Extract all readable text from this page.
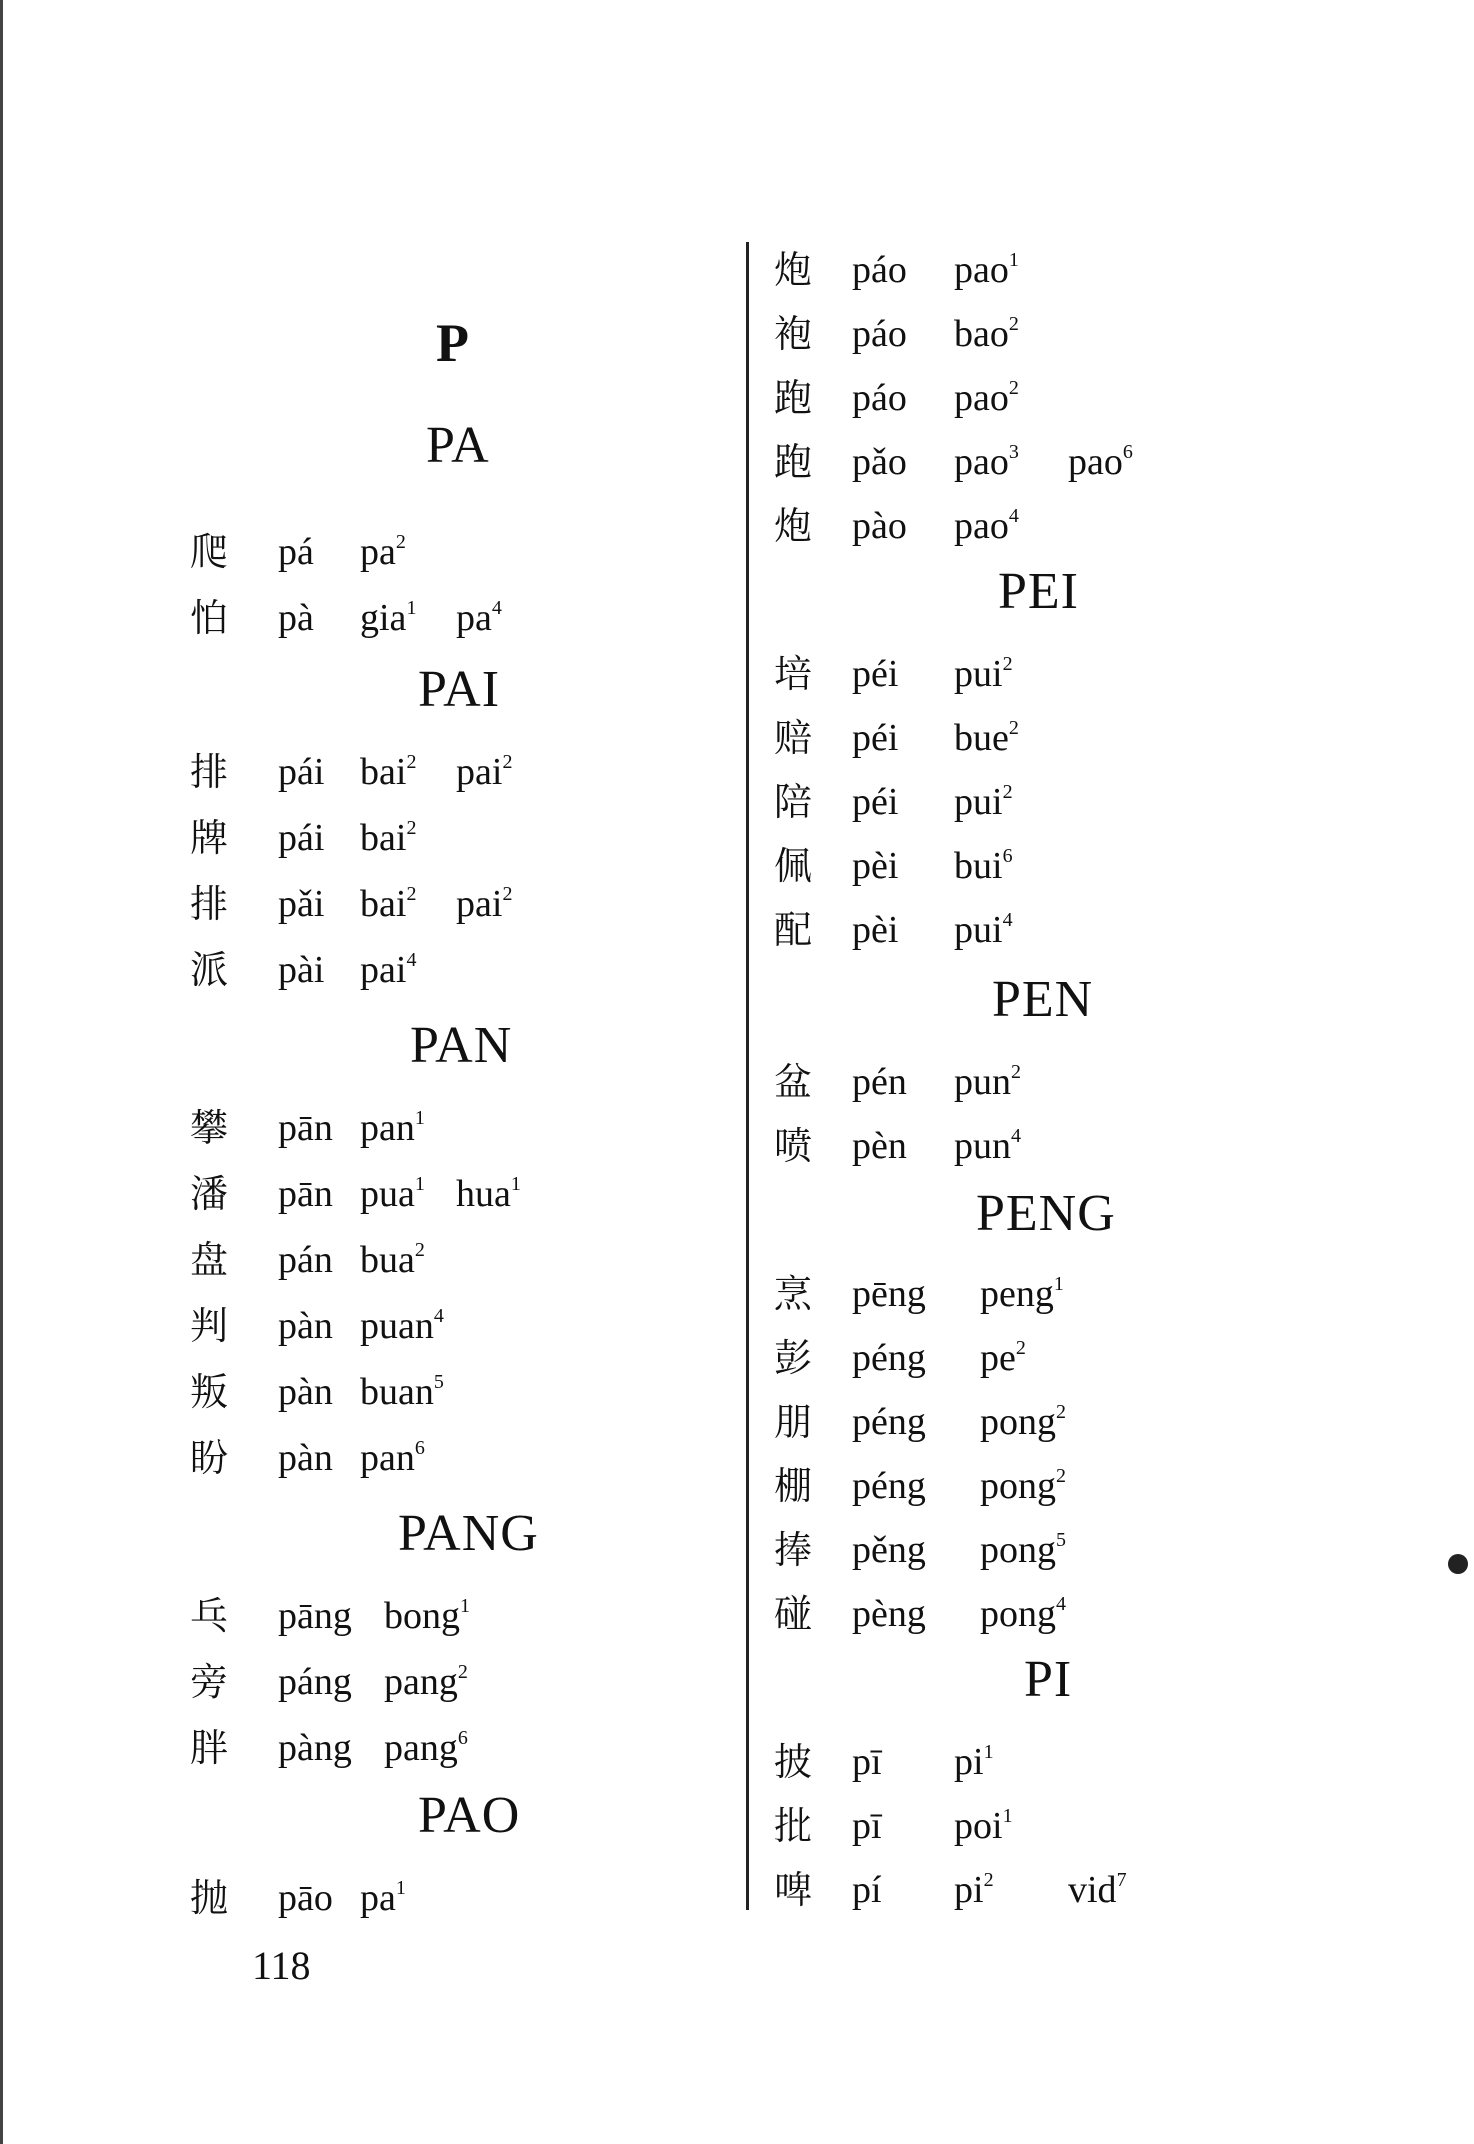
P
PA
爬 pá $pa^2$
怕 pà gia$^1$ $pa^4$
PAI
排 pái bai$^2$ pai$^2$
牌 pái bai$^2$
排 pǎi bai$^2$ pai$^2$
派 pài pai$^4$
PAN
攀 pān pan$^1$
潘 pān pua$^1$ hua$^1$
盘 pán bua$^2$
判 pàn puan$^4$
叛 pàn buan$^5$
盼 pàn pan$^6$
PANG
乓 pāng bong$^1$
旁 páng pang$^2$
胖 pàng pang$^6$
PAO
抛 pāo $pa^1$
炮 páo pao$^1$
袍 páo bao$^2$
跑 páo pao$^2$
跑 pǎo pao$^3$ pao$^6$
炮 pào pao$^4$
PEI
培 péi pui$^2$
赔 péi bue$^2$
陪 péi pui$^2$
佩 pèi bui$^6$
配 pèi pui$^4$
PEN
盆 pén pun$^2$
喷 pèn pun$^4$
PENG
烹 pēng peng$^1$
彭 péng $pe^2$
朋 péng pong$^2$
棚 péng pong$^2$
捧 pěng pong$^5$
碰 pèng pong$^4$
PI
披 pī $pi^1$
批 pī poi$^1$
啤 pí $pi^2$ vid$^7$
118
